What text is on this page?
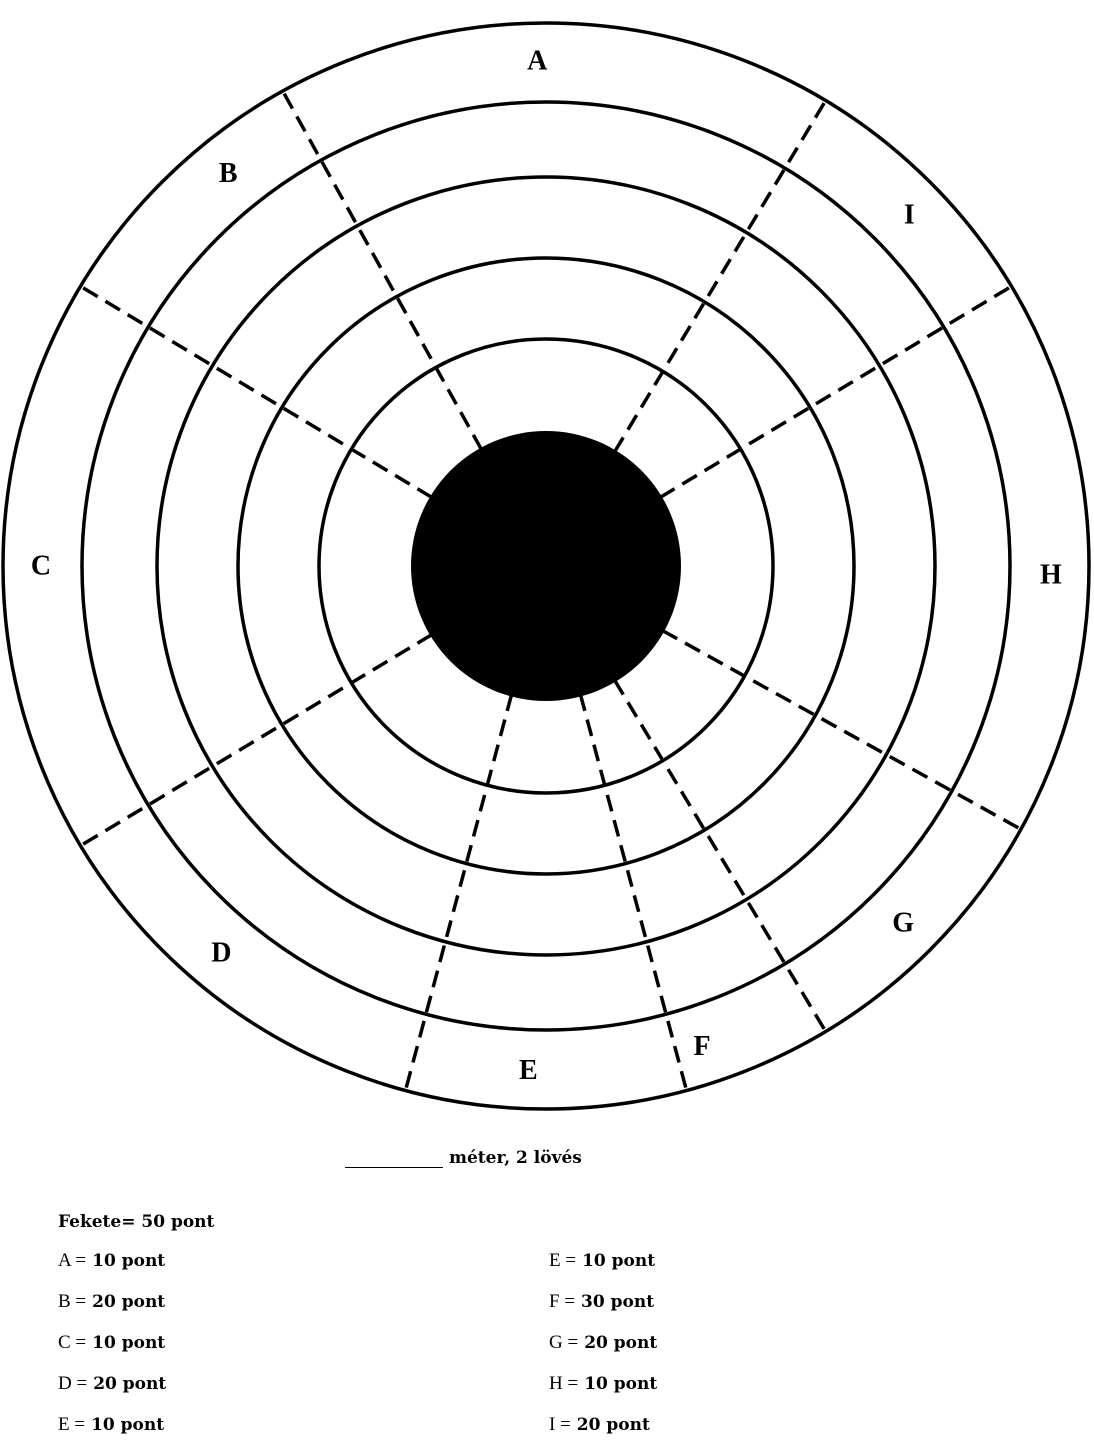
A
I
H
G
F
E
D
C
B
méter, 2 lövés
Fekete= 50 pont
A = 10 pont
B = 20 pont
C = 10 pont
D = 20 pont
E = 10 pont
E = 10 pont
F = 30 pont
G = 20 pont
H = 10 pont
I = 20 pont
